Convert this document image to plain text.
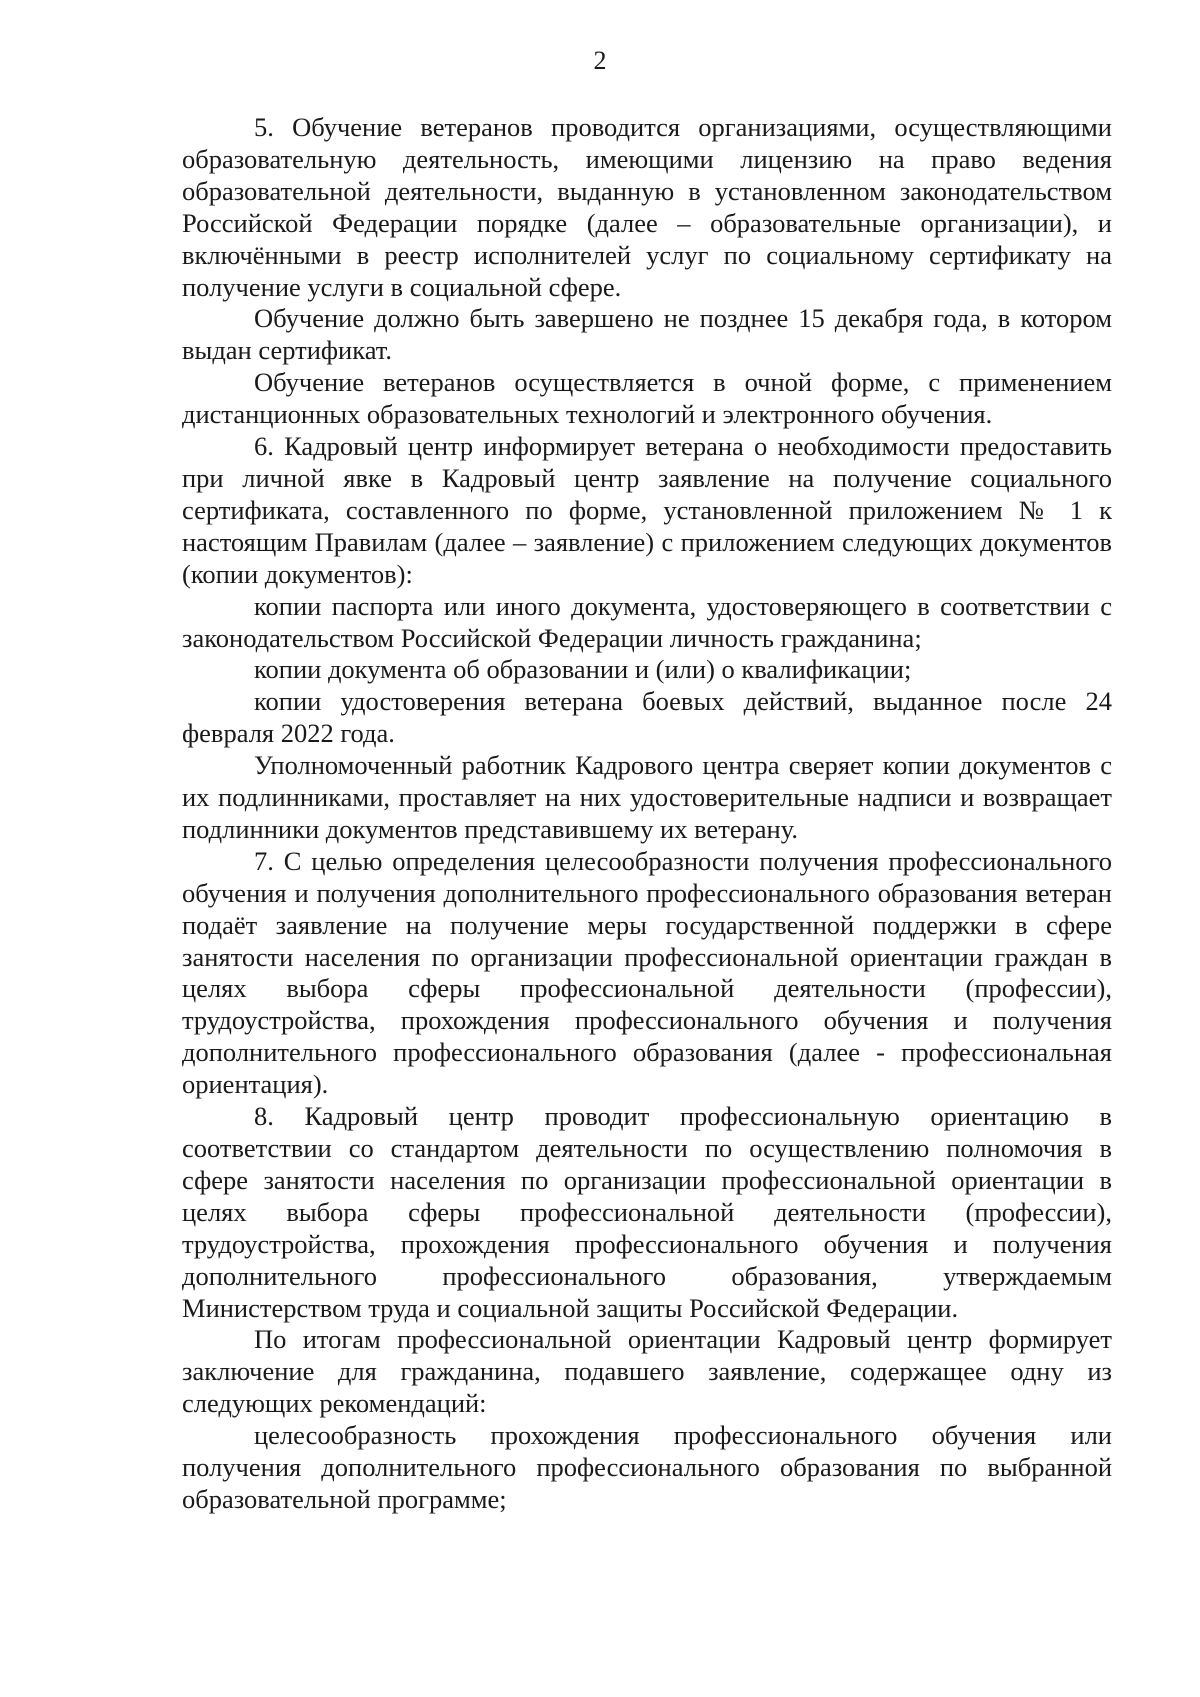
2

5. Обучение ветеранов проводится организациями, осуществляющими образовательную деятельность, имеющими лицензию на право ведения образовательной деятельности, выданную в установленном законодательством Российской Федерации порядке (далее – образовательные организации), и включёнными в реестр исполнителей услуг по социальному сертификату на получение услуги в социальной сфере.

Обучение должно быть завершено не позднее 15 декабря года, в котором выдан сертификат.

Обучение ветеранов осуществляется в очной форме, с применением дистанционных образовательных технологий и электронного обучения.

6. Кадровый центр информирует ветерана о необходимости предоставить при личной явке в Кадровый центр заявление на получение социального сертификата, составленного по форме, установленной приложением № 1 к настоящим Правилам (далее – заявление) с приложением следующих документов (копии документов):

копии паспорта или иного документа, удостоверяющего в соответствии с законодательством Российской Федерации личность гражданина;

копии документа об образовании и (или) о квалификации;

копии удостоверения ветерана боевых действий, выданное после 24 февраля 2022 года.

Уполномоченный работник Кадрового центра сверяет копии документов с их подлинниками, проставляет на них удостоверительные надписи и возвращает подлинники документов представившему их ветерану.

7. С целью определения целесообразности получения профессионального обучения и получения дополнительного профессионального образования ветеран подаёт заявление на получение меры государственной поддержки в сфере занятости населения по организации профессиональной ориентации граждан в целях выбора сферы профессиональной деятельности (профессии), трудоустройства, прохождения профессионального обучения и получения дополнительного профессионального образования (далее - профессиональная ориентация).

8. Кадровый центр проводит профессиональную ориентацию в соответствии со стандартом деятельности по осуществлению полномочия в сфере занятости населения по организации профессиональной ориентации в целях выбора сферы профессиональной деятельности (профессии), трудоустройства, прохождения профессионального обучения и получения дополнительного профессионального образования, утверждаемым Министерством труда и социальной защиты Российской Федерации.

По итогам профессиональной ориентации Кадровый центр формирует заключение для гражданина, подавшего заявление, содержащее одну из следующих рекомендаций:

целесообразность прохождения профессионального обучения или получения дополнительного профессионального образования по выбранной образовательной программе;
